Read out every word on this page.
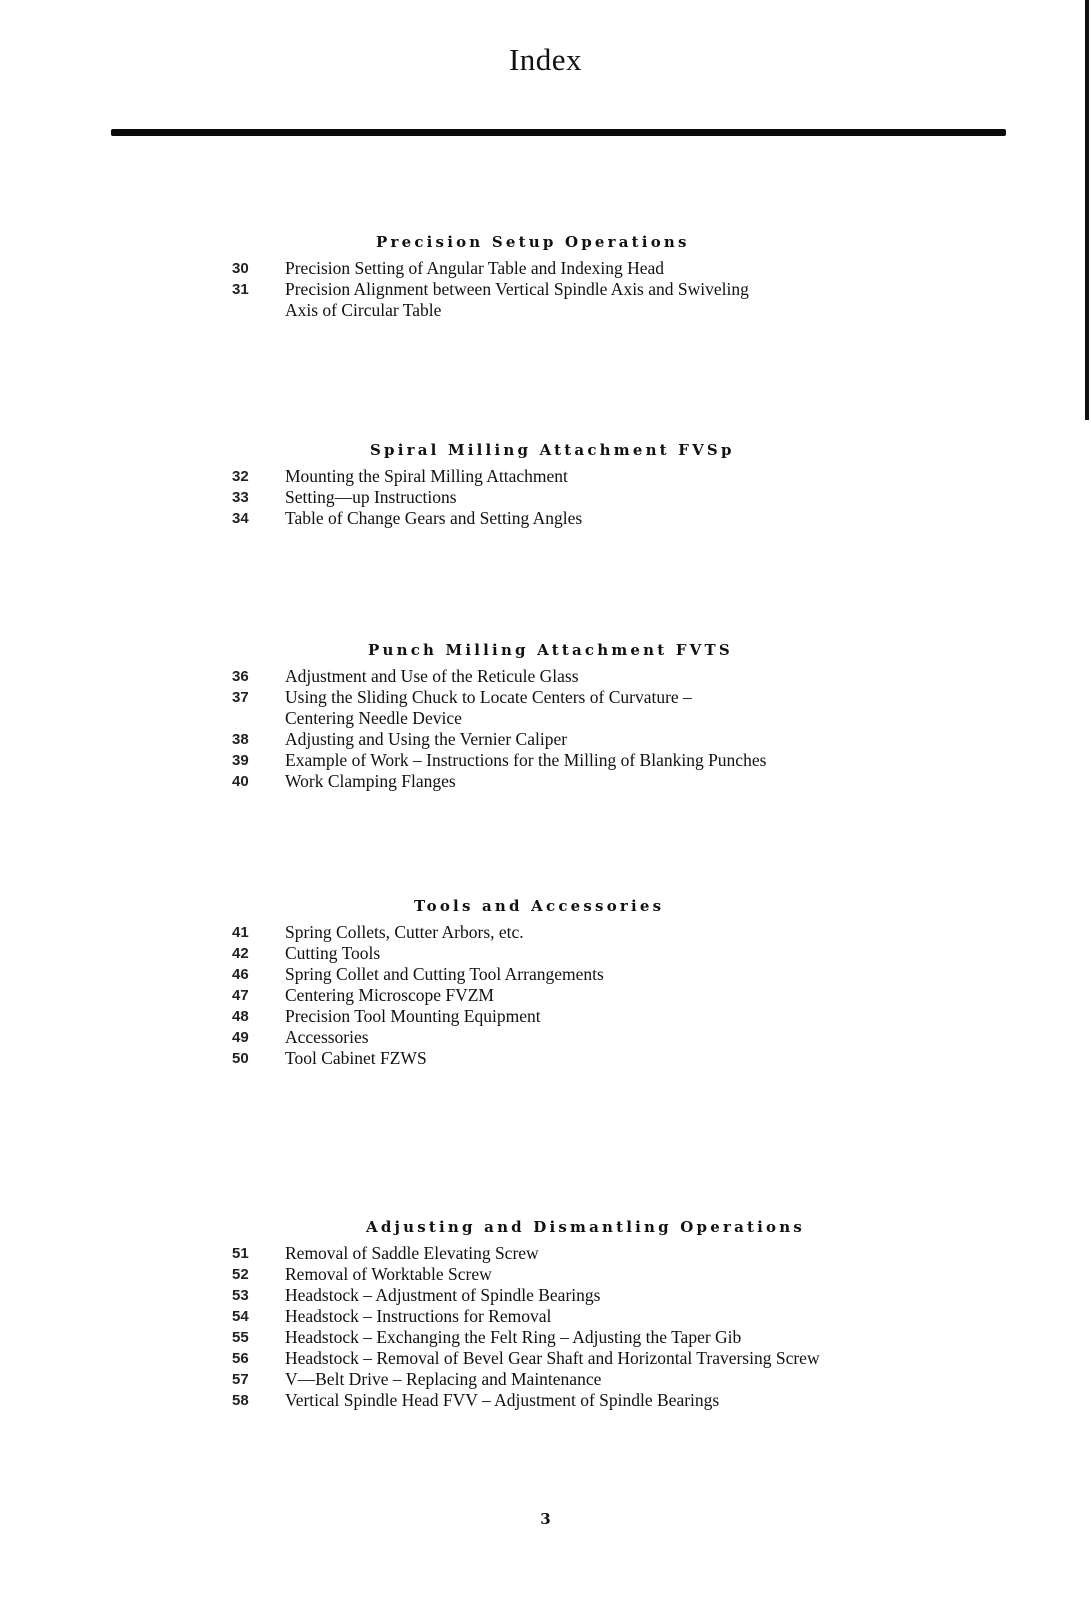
Index
Precision Setup Operations
30	Precision Setting of Angular Table and Indexing Head
31	Precision Alignment between Vertical Spindle Axis and Swiveling
Axis of Circular Table
Spiral Milling Attachment FVSp
32	Mounting the Spiral Milling Attachment
33	Setting—up Instructions
34	Table of Change Gears and Setting Angles
Punch Milling Attachment FVTS
36	Adjustment and Use of the Reticule Glass
37	Using the Sliding Chuck to Locate Centers of Curvature –
Centering Needle Device
38	Adjusting and Using the Vernier Caliper
39	Example of Work – Instructions for the Milling of Blanking Punches
40	Work Clamping Flanges
Tools and Accessories
41	Spring Collets, Cutter Arbors, etc.
42	Cutting Tools
46	Spring Collet and Cutting Tool Arrangements
47	Centering Microscope FVZM
48	Precision Tool Mounting Equipment
49	Accessories
50	Tool Cabinet FZWS
Adjusting and Dismantling Operations
51	Removal of Saddle Elevating Screw
52	Removal of Worktable Screw
53	Headstock – Adjustment of Spindle Bearings
54	Headstock – Instructions for Removal
55	Headstock – Exchanging the Felt Ring – Adjusting the Taper Gib
56	Headstock – Removal of Bevel Gear Shaft and Horizontal Traversing Screw
57	V—Belt Drive – Replacing and Maintenance
58	Vertical Spindle Head FVV – Adjustment of Spindle Bearings
3
